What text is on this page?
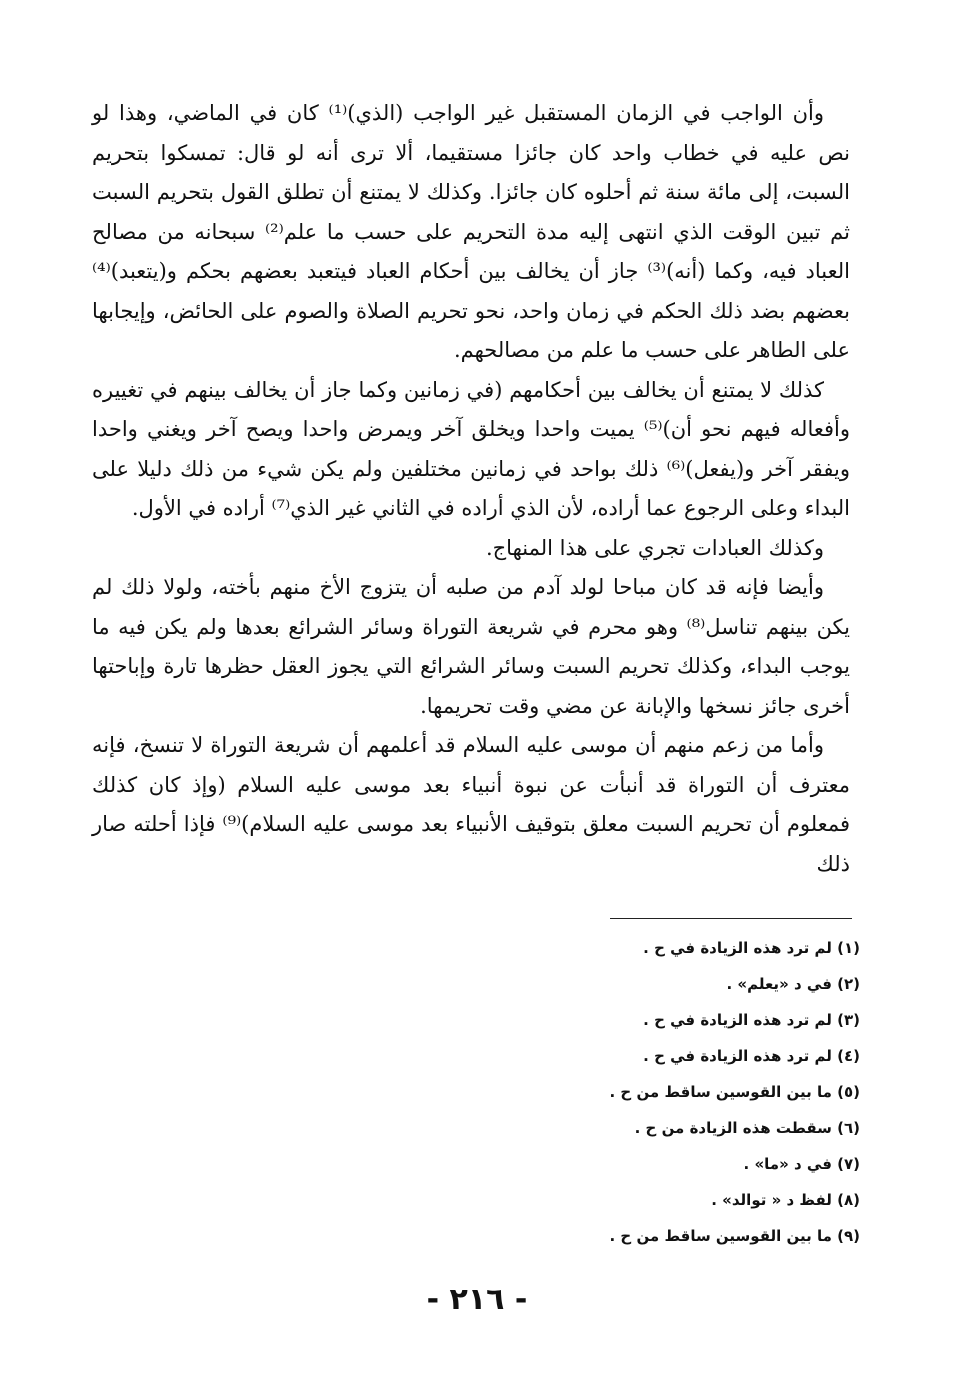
وأن الواجب في الزمان المستقبل غير الواجب (الذي)⁽¹⁾ كان في الماضي، وهذا لو نص عليه في خطاب واحد كان جائزا مستقيما، ألا ترى أنه لو قال: تمسكوا بتحريم السبت، إلى مائة سنة ثم أحلوه كان جائزا. وكذلك لا يمتنع أن تطلق القول بتحريم السبت ثم تبين الوقت الذي انتهى إليه مدة التحريم على حسب ما علم⁽²⁾ سبحانه من مصالح العباد فيه، وكما (أنه)⁽³⁾ جاز أن يخالف بين أحكام العباد فيتعبد بعضهم بحكم و(يتعبد)⁽⁴⁾ بعضهم بضد ذلك الحكم في زمان واحد، نحو تحريم الصلاة والصوم على الحائض، وإيجابها على الطاهر على حسب ما علم من مصالحهم.

كذلك لا يمتنع أن يخالف بين أحكامهم (في زمانين وكما جاز أن يخالف بينهم في تغييره وأفعاله فيهم نحو أن)⁽⁵⁾ يميت واحدا ويخلق آخر ويمرض واحدا ويصح آخر ويغني واحدا ويفقر آخر و(يفعل)⁽⁶⁾ ذلك بواحد في زمانين مختلفين ولم يكن شيء من ذلك دليلا على البداء وعلى الرجوع عما أراده، لأن الذي أراده في الثاني غير الذي⁽⁷⁾ أراده في الأول.

وكذلك العبادات تجري على هذا المنهاج.

وأيضا فإنه قد كان مباحا لولد آدم من صلبه أن يتزوج الأخ منهم بأخته، ولولا ذلك لم يكن بينهم تناسل⁽⁸⁾ وهو محرم في شريعة التوراة وسائر الشرائع بعدها ولم يكن فيه ما يوجب البداء، وكذلك تحريم السبت وسائر الشرائع التي يجوز العقل حظرها تارة وإباحتها أخرى جائز نسخها والإبانة عن مضي وقت تحريمها.

وأما من زعم منهم أن موسى عليه السلام قد أعلمهم أن شريعة التوراة لا تنسخ، فإنه معترف أن التوراة قد أنبأت عن نبوة أنبياء بعد موسى عليه السلام (وإذ كان كذلك فمعلوم أن تحريم السبت معلق بتوقيف الأنبياء بعد موسى عليه السلام)⁽⁹⁾ فإذا أحلته صار ذلك

(١) لم ترد هذه الزيادة في ح .
(٢) في د «يعلم» .
(٣) لم ترد هذه الزيادة في ح .
(٤) لم ترد هذه الزيادة في ح .
(٥) ما بين القوسين ساقط من ح .
(٦) سقطت هذه الزيادة من ح .
(٧) في د «ما» .
(٨) لفظ د « توالد» .
(٩) ما بين القوسين ساقط من ح .
- ٢١٦ -
